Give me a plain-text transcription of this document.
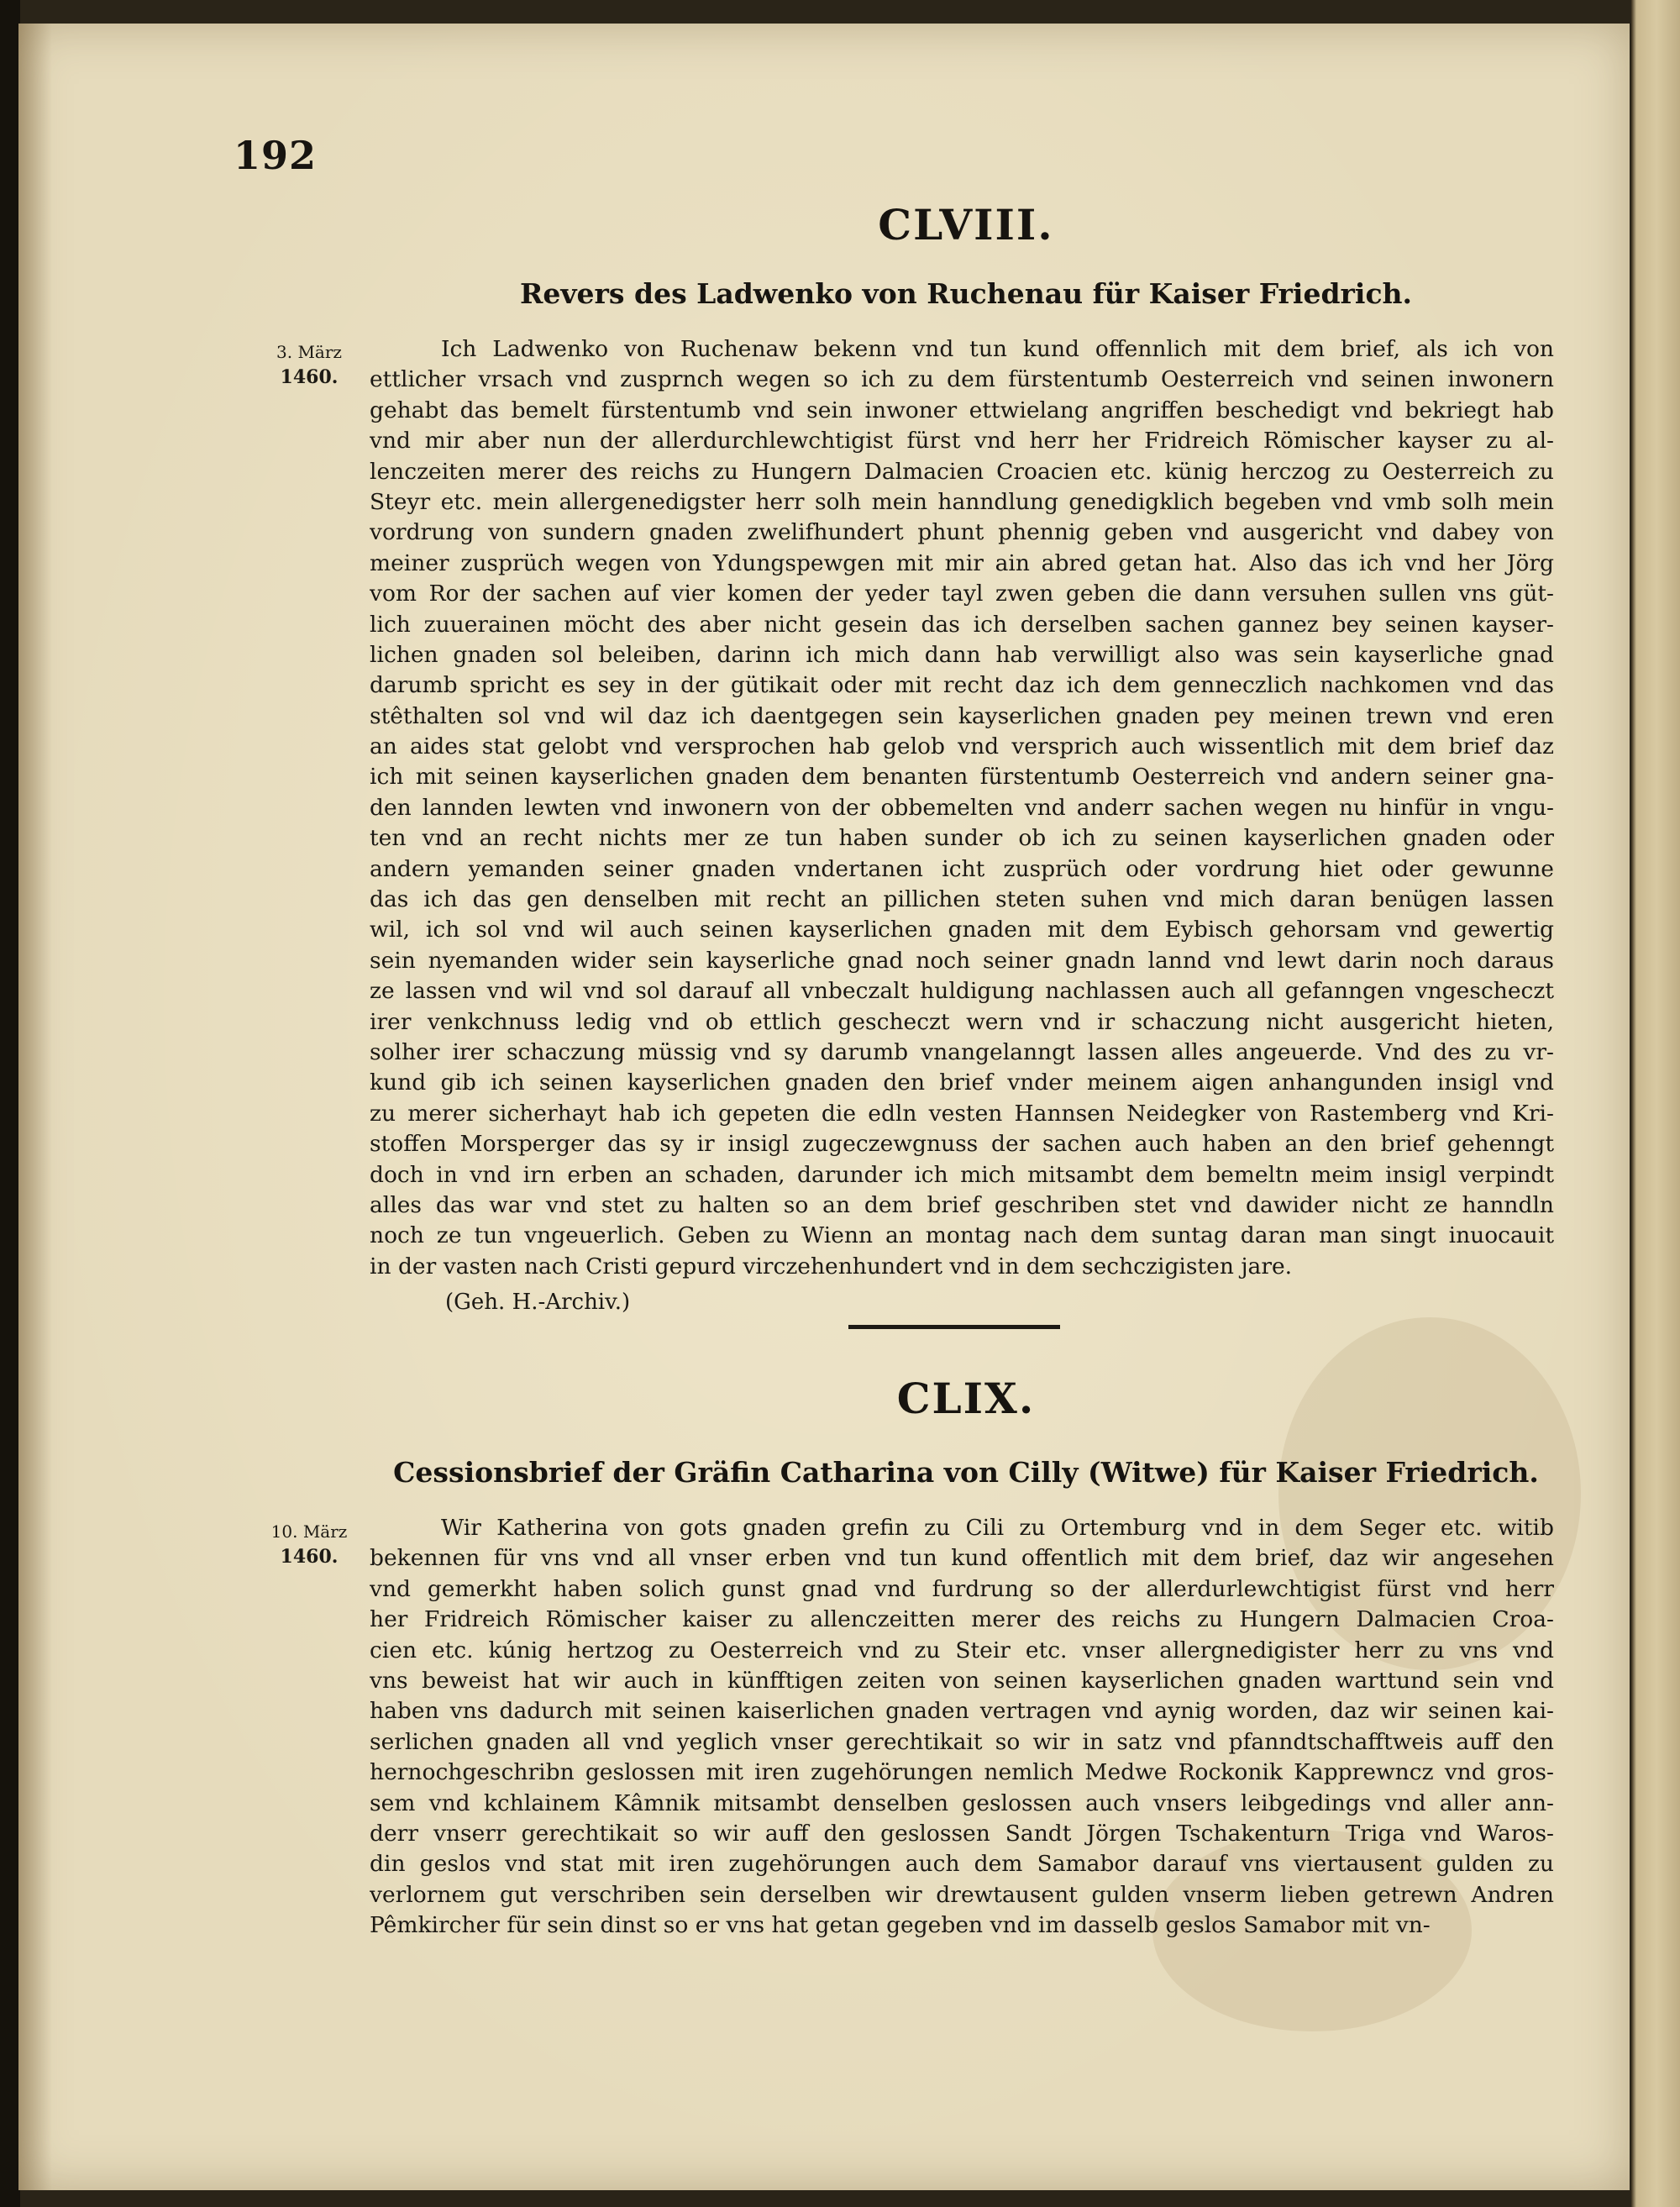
192
CLVIII.
Revers des Ladwenko von Ruchenau für Kaiser Friedrich.
3. März
1460.
Ich Ladwenko von Ruchenaw bekenn vnd tun kund offennlich mit dem brief, als ich von
ettlicher vrsach vnd zusprnch wegen so ich zu dem fürstentumb Oesterreich vnd seinen inwonern
gehabt das bemelt fürstentumb vnd sein inwoner ettwielang angriffen beschedigt vnd bekriegt hab
vnd mir aber nun der allerdurchlewchtigist fürst vnd herr her Fridreich Römischer kayser zu al-
lenczeiten merer des reichs zu Hungern Dalmacien Croacien etc. künig herczog zu Oesterreich zu
Steyr etc. mein allergenedigster herr solh mein hanndlung genedigklich begeben vnd vmb solh mein
vordrung von sundern gnaden zwelifhundert phunt phennig geben vnd ausgericht vnd dabey von
meiner zusprüch wegen von Ydungspewgen mit mir ain abred getan hat. Also das ich vnd her Jörg
vom Ror der sachen auf vier komen der yeder tayl zwen geben die dann versuhen sullen vns güt-
lich zuuerainen möcht des aber nicht gesein das ich derselben sachen gannez bey seinen kayser-
lichen gnaden sol beleiben, darinn ich mich dann hab verwilligt also was sein kayserliche gnad
darumb spricht es sey in der gütikait oder mit recht daz ich dem genneczlich nachkomen vnd das
stêthalten sol vnd wil daz ich daentgegen sein kayserlichen gnaden pey meinen trewn vnd eren
an aides stat gelobt vnd versprochen hab gelob vnd versprich auch wissentlich mit dem brief daz
ich mit seinen kayserlichen gnaden dem benanten fürstentumb Oesterreich vnd andern seiner gna-
den lannden lewten vnd inwonern von der obbemelten vnd anderr sachen wegen nu hinfür in vngu-
ten vnd an recht nichts mer ze tun haben sunder ob ich zu seinen kayserlichen gnaden oder
andern yemanden seiner gnaden vndertanen icht zusprüch oder vordrung hiet oder gewunne
das ich das gen denselben mit recht an pillichen steten suhen vnd mich daran benügen lassen
wil, ich sol vnd wil auch seinen kayserlichen gnaden mit dem Eybisch gehorsam vnd gewertig
sein nyemanden wider sein kayserliche gnad noch seiner gnadn lannd vnd lewt darin noch daraus
ze lassen vnd wil vnd sol darauf all vnbeczalt huldigung nachlassen auch all gefanngen vngescheczt
irer venkchnuss ledig vnd ob ettlich gescheczt wern vnd ir schaczung nicht ausgericht hieten,
solher irer schaczung müssig vnd sy darumb vnangelanngt lassen alles angeuerde. Vnd des zu vr-
kund gib ich seinen kayserlichen gnaden den brief vnder meinem aigen anhangunden insigl vnd
zu merer sicherhayt hab ich gepeten die edln vesten Hannsen Neidegker von Rastemberg vnd Kri-
stoffen Morsperger das sy ir insigl zugeczewgnuss der sachen auch haben an den brief gehenngt
doch in vnd irn erben an schaden, darunder ich mich mitsambt dem bemeltn meim insigl verpindt
alles das war vnd stet zu halten so an dem brief geschriben stet vnd dawider nicht ze hanndln
noch ze tun vngeuerlich. Geben zu Wienn an montag nach dem suntag daran man singt inuocauit
in der vasten nach Cristi gepurd virczehenhundert vnd in dem sechczigisten jare.
(Geh. H.-Archiv.)
CLIX.
Cessionsbrief der Gräfin Catharina von Cilly (Witwe) für Kaiser Friedrich.
10. März
1460.
Wir Katherina von gots gnaden grefin zu Cili zu Ortemburg vnd in dem Seger etc. witib
bekennen für vns vnd all vnser erben vnd tun kund offentlich mit dem brief, daz wir angesehen
vnd gemerkht haben solich gunst gnad vnd furdrung so der allerdurlewchtigist fürst vnd herr
her Fridreich Römischer kaiser zu allenczeitten merer des reichs zu Hungern Dalmacien Croa-
cien etc. kúnig hertzog zu Oesterreich vnd zu Steir etc. vnser allergnedigister herr zu vns vnd
vns beweist hat wir auch in künfftigen zeiten von seinen kayserlichen gnaden warttund sein vnd
haben vns dadurch mit seinen kaiserlichen gnaden vertragen vnd aynig worden, daz wir seinen kai-
serlichen gnaden all vnd yeglich vnser gerechtikait so wir in satz vnd pfanndtschafftweis auff den
hernochgeschribn geslossen mit iren zugehörungen nemlich Medwe Rockonik Kapprewncz vnd gros-
sem vnd kchlainem Kâmnik mitsambt denselben geslossen auch vnsers leibgedings vnd aller ann-
derr vnserr gerechtikait so wir auff den geslossen Sandt Jörgen Tschakenturn Triga vnd Waros-
din geslos vnd stat mit iren zugehörungen auch dem Samabor darauf vns viertausent gulden zu
verlornem gut verschriben sein derselben wir drewtausent gulden vnserm lieben getrewn Andren
Pêmkircher für sein dinst so er vns hat getan gegeben vnd im dasselb geslos Samabor mit vn-
